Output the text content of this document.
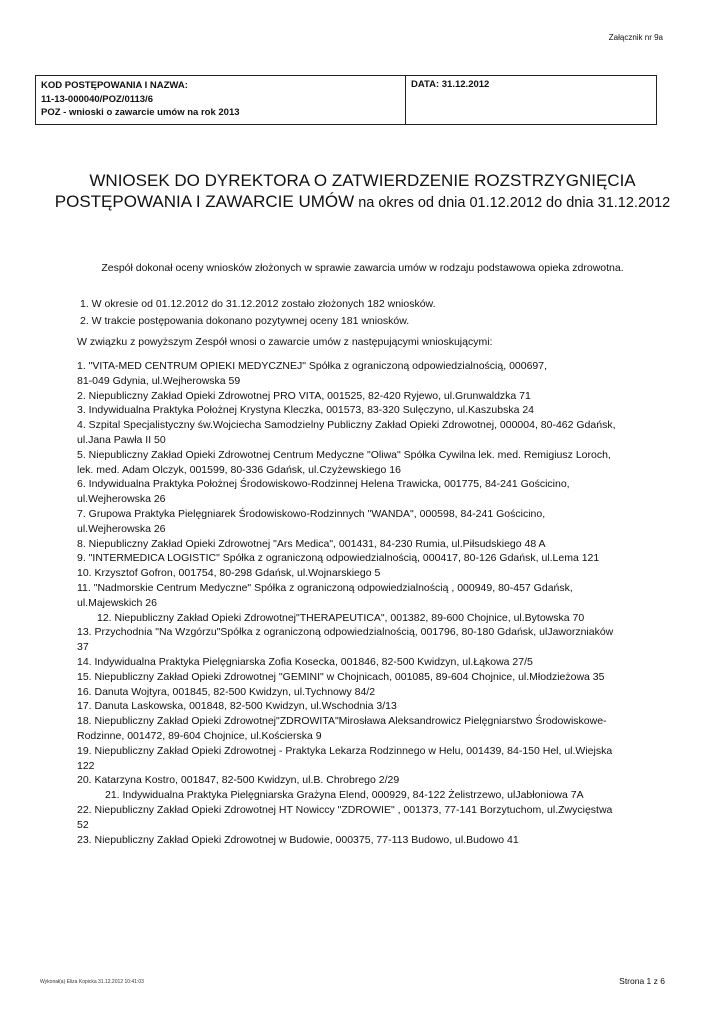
Załącznik nr 9a
KOD POSTĘPOWANIA I NAZWA:
11-13-000040/POZ/0113/6
POZ - wnioski o zawarcie umów na rok 2013
DATA: 31.12.2012
WNIOSEK DO DYREKTORA O ZATWIERDZENIE ROZSTRZYGNIĘCIA
POSTĘPOWANIA I ZAWARCIE UMÓW na okres od dnia 01.12.2012 do dnia 31.12.2012
Zespół dokonał oceny wniosków złożonych w sprawie zawarcia umów w rodzaju podstawowa opieka zdrowotna.
1. W okresie od 01.12.2012 do 31.12.2012 zostało złożonych 182 wniosków.
2. W trakcie postępowania dokonano pozytywnej oceny 181 wniosków.
W związku z powyższym Zespół wnosi o zawarcie umów z następującymi wnioskującymi:

1. "VITA-MED CENTRUM OPIEKI MEDYCZNEJ" Spółka z ograniczoną odpowiedzialnością, 000697,

81-049 Gdynia, ul.Wejherowska 59

2. Niepubliczny Zakład Opieki Zdrowotnej PRO VITA, 001525, 82-420 Ryjewo, ul.Grunwaldzka 71

3. Indywidualna Praktyka Położnej Krystyna Kleczka, 001573, 83-320 Sulęczyno, ul.Kaszubska 24

4. Szpital Specjalistyczny św.Wojciecha Samodzielny Publiczny Zakład Opieki Zdrowotnej, 000004, 80-462 Gdańsk,

ul.Jana Pawła II 50

5. Niepubliczny Zakład Opieki Zdrowotnej Centrum Medyczne "Oliwa" Spółka Cywilna lek. med. Remigiusz Loroch,

lek. med. Adam Olczyk, 001599, 80-336 Gdańsk, ul.Czyżewskiego 16

6. Indywidualna Praktyka Położnej Środowiskowo-Rodzinnej Helena Trawicka, 001775, 84-241 Gościcino,

ul.Wejherowska 26

7. Grupowa Praktyka Pielęgniarek Środowiskowo-Rodzinnych "WANDA", 000598, 84-241 Gościcino,

ul.Wejherowska 26

8. Niepubliczny Zakład Opieki Zdrowotnej "Ars Medica", 001431, 84-230 Rumia, ul.Piłsudskiego 48 A

9. "INTERMEDICA LOGISTIC" Spółka z ograniczoną odpowiedzialnością, 000417, 80-126 Gdańsk, ul.Lema 121

10. Krzysztof Gofron, 001754, 80-298 Gdańsk, ul.Wojnarskiego 5

11. "Nadmorskie Centrum Medyczne" Spółka z ograniczoną odpowiedzialnością , 000949, 80-457 Gdańsk,

ul.Majewskich 26

12. Niepubliczny Zakład Opieki Zdrowotnej"THERAPEUTICA", 001382, 89-600 Chojnice, ul.Bytowska 70

13. Przychodnia "Na Wzgórzu"Spółka z ograniczoną odpowiedzialnością, 001796, 80-180 Gdańsk, ulJaworzniaków

37

14. Indywidualna Praktyka Pielęgniarska Zofia Kosecka, 001846, 82-500 Kwidzyn, ul.Łąkowa 27/5

15. Niepubliczny Zakład Opieki Zdrowotnej "GEMINI" w Chojnicach, 001085, 89-604 Chojnice, ul.Młodzieżowa 35

16. Danuta Wojtyra, 001845, 82-500 Kwidzyn, ul.Tychnowy 84/2

17. Danuta Laskowska, 001848, 82-500 Kwidzyn, ul.Wschodnia 3/13

18. Niepubliczny Zakład Opieki Zdrowotnej"ZDROWITA"Mirosława Aleksandrowicz Pielęgniarstwo Środowiskowe-

Rodzinne, 001472, 89-604 Chojnice, ul.Kościerska 9

19. Niepubliczny Zakład Opieki Zdrowotnej - Praktyka Lekarza Rodzinnego w Helu, 001439, 84-150 Hel, ul.Wiejska

122

20. Katarzyna Kostro, 001847, 82-500 Kwidzyn, ul.B. Chrobrego 2/29

21. Indywidualna Praktyka Pielęgniarska Grażyna Elend, 000929, 84-122 Żelistrzewo, ulJabłoniowa 7A

22. Niepubliczny Zakład Opieki Zdrowotnej HT Nowiccy "ZDROWIE" , 001373, 77-141 Borzytuchom, ul.Zwycięstwa

52

23. Niepubliczny Zakład Opieki Zdrowotnej w Budowie, 000375, 77-113 Budowo, ul.Budowo 41

Wykonał(a) Eliza Kopicka 31.12.2012 10:41:03	Strona 1 z 6
